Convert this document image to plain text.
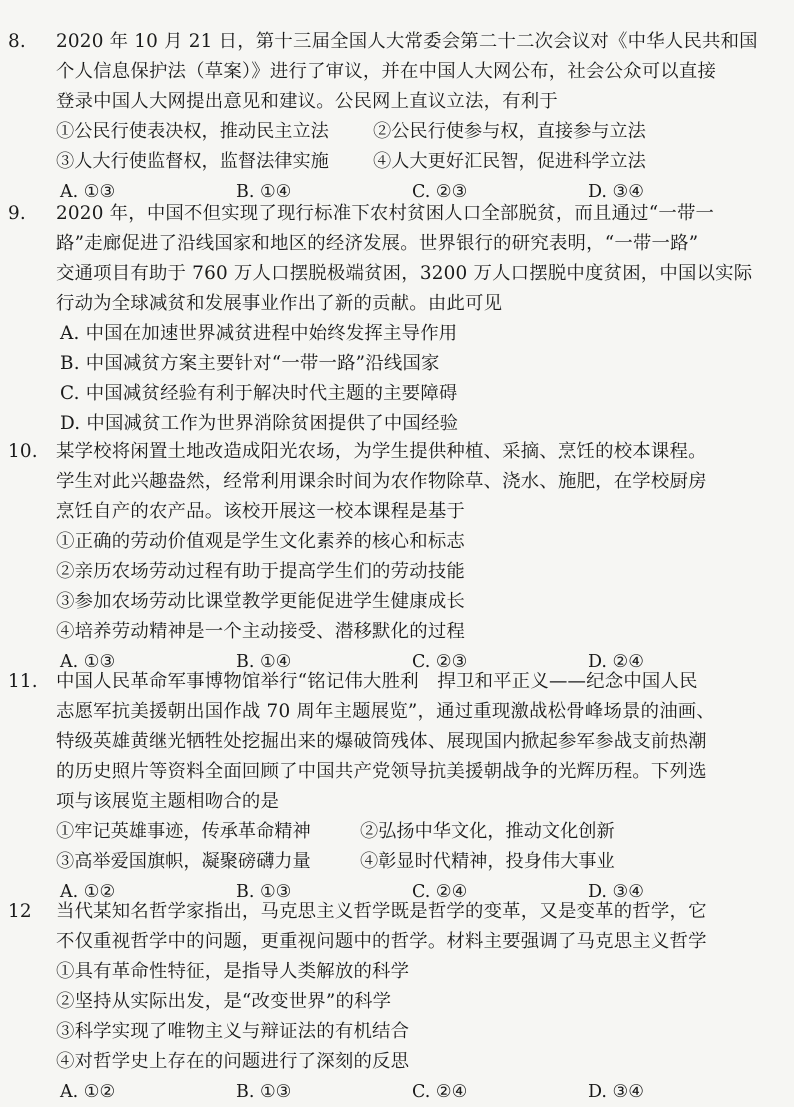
8. 2020 年 10 月 21 日，第十三届全国人大常委会第二十二次会议对《中华人民共和国
个人信息保护法（草案）》进行了审议，并在中国人大网公布，社会公众可以直接
登录中国人大网提出意见和建议。公民网上直议立法，有利于
①公民行使表决权，推动民主立法 ②公民行使参与权，直接参与立法
③人大行使监督权，监督法律实施 ④人大更好汇民智，促进科学立法
A. ①③	B. ①④	C. ②③	D. ③④
9. 2020 年，中国不但实现了现行标准下农村贫困人口全部脱贫，而且通过“一带一
路”走廊促进了沿线国家和地区的经济发展。世界银行的研究表明，“一带一路”
交通项目有助于 760 万人口摆脱极端贫困，3200 万人口摆脱中度贫困，中国以实际
行动为全球减贫和发展事业作出了新的贡献。由此可见
A. 中国在加速世界减贫进程中始终发挥主导作用
B. 中国减贫方案主要针对“一带一路”沿线国家
C. 中国减贫经验有利于解决时代主题的主要障碍
D. 中国减贫工作为世界消除贫困提供了中国经验
10. 某学校将闲置土地改造成阳光农场，为学生提供种植、采摘、烹饪的校本课程。
学生对此兴趣盎然，经常利用课余时间为农作物除草、浇水、施肥，在学校厨房
烹饪自产的农产品。该校开展这一校本课程是基于
①正确的劳动价值观是学生文化素养的核心和标志
②亲历农场劳动过程有助于提高学生们的劳动技能
③参加农场劳动比课堂教学更能促进学生健康成长
④培养劳动精神是一个主动接受、潜移默化的过程
A. ①③	B. ①④	C. ②③	D. ②④
11. 中国人民革命军事博物馆举行“铭记伟大胜利　捍卫和平正义——纪念中国人民
志愿军抗美援朝出国作战 70 周年主题展览”，通过重现激战松骨峰场景的油画、
特级英雄黄继光牺牲处挖掘出来的爆破筒残体、展现国内掀起参军参战支前热潮
的历史照片等资料全面回顾了中国共产党领导抗美援朝战争的光辉历程。下列选
项与该展览主题相吻合的是
①牢记英雄事迹，传承革命精神	②弘扬中华文化，推动文化创新
③高举爱国旗帜，凝聚磅礴力量	④彰显时代精神，投身伟大事业
A. ①②	B. ①③	C. ②④	D. ③④
12 当代某知名哲学家指出，马克思主义哲学既是哲学的变革，又是变革的哲学，它
不仅重视哲学中的问题，更重视问题中的哲学。材料主要强调了马克思主义哲学
①具有革命性特征，是指导人类解放的科学
②坚持从实际出发，是“改变世界”的科学
③科学实现了唯物主义与辩证法的有机结合
④对哲学史上存在的问题进行了深刻的反思
A. ①②	B. ①③	C. ②④	D. ③④
